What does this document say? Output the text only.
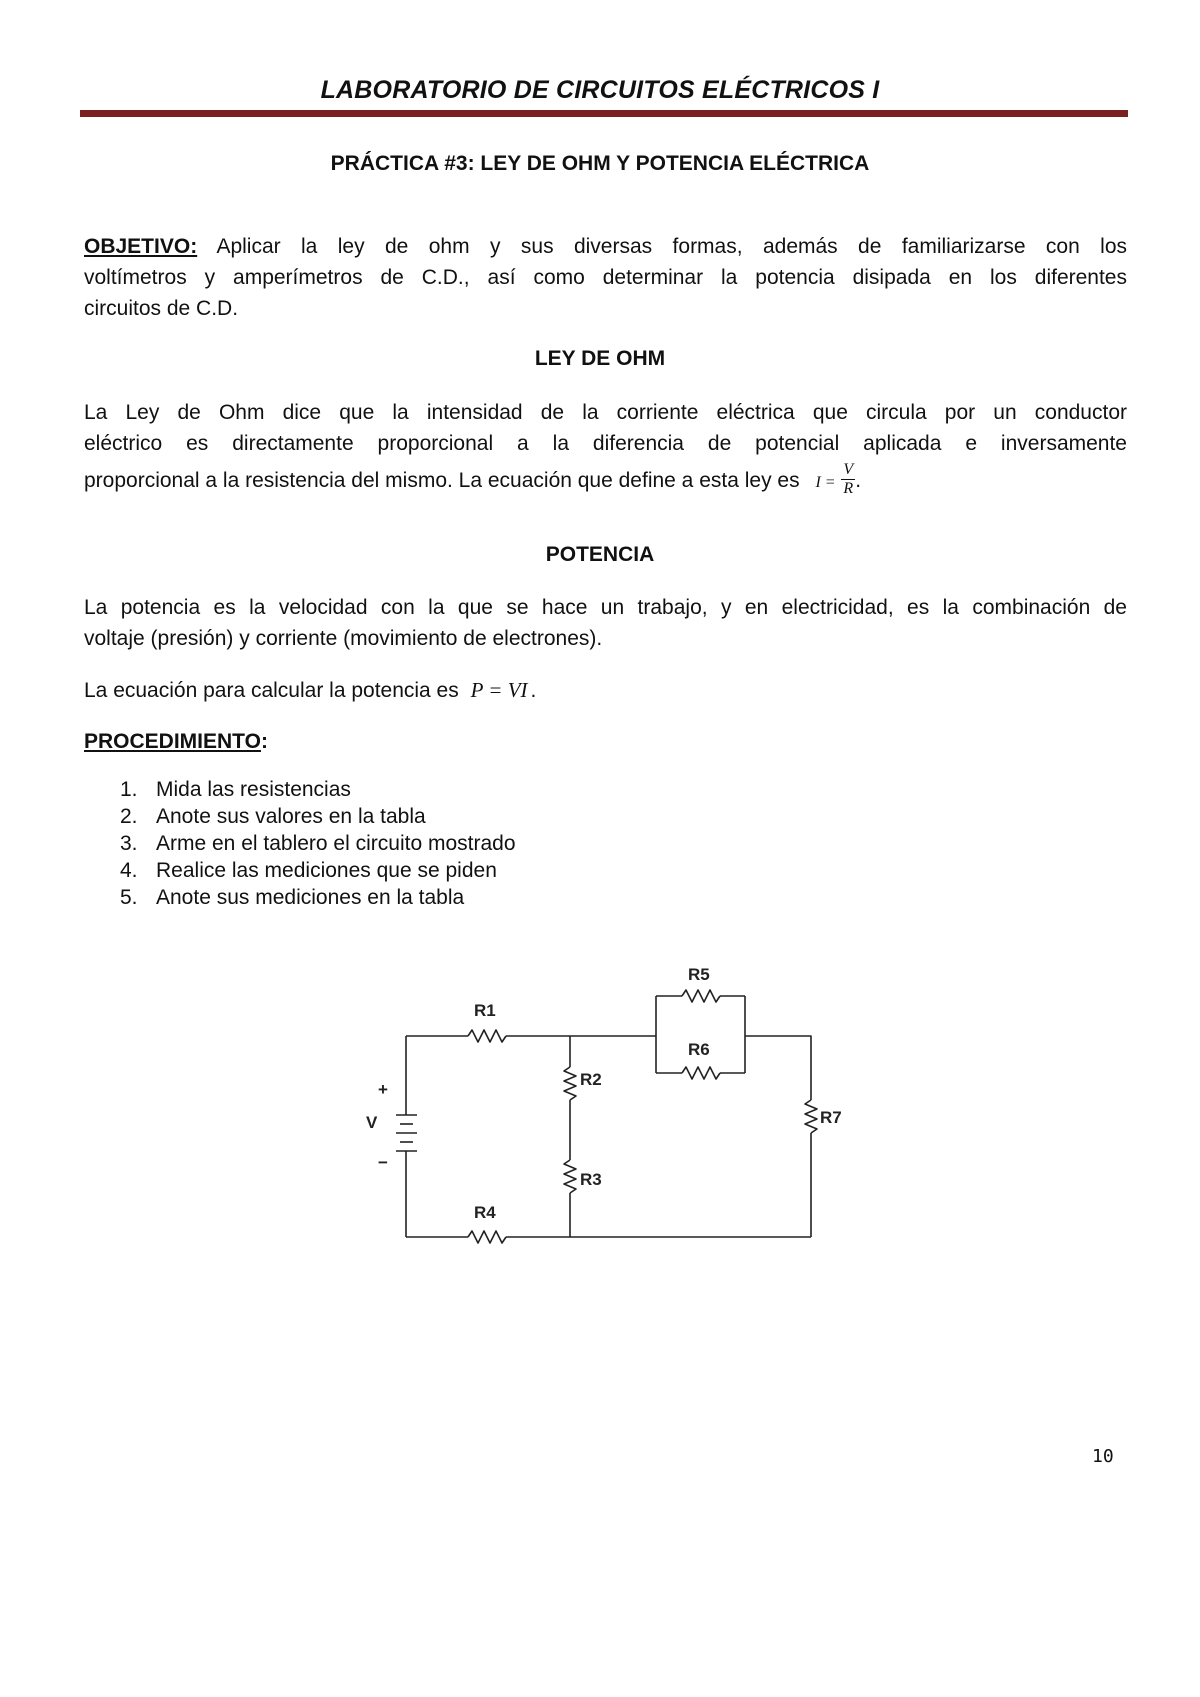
LABORATORIO DE CIRCUITOS ELÉCTRICOS I
PRÁCTICA #3: LEY DE OHM Y POTENCIA ELÉCTRICA
OBJETIVO: Aplicar la ley de ohm y sus diversas formas, además de familiarizarse con los
voltímetros y amperímetros de C.D., así como determinar la potencia disipada en los diferentes
circuitos de C.D.
LEY DE OHM
La Ley de Ohm dice que la intensidad de la corriente eléctrica que circula por un conductor
eléctrico es directamente proporcional a la diferencia de potencial aplicada e inversamente
proporcional a la resistencia del mismo. La ecuación que define a esta ley es $I = \frac{V}{R}$ .
POTENCIA
La potencia es la velocidad con la que se hace un trabajo, y en electricidad, es la combinación de
voltaje (presión) y corriente (movimiento de electrones).
La ecuación para calcular la potencia es P = VI .
PROCEDIMIENTO:
1. Mida las resistencias
2. Anote sus valores en la tabla
3. Arme en el tablero el circuito mostrado
4. Realice las mediciones que se piden
5. Anote sus mediciones en la tabla
+
V
−
R1
R2
R3
R4
R5
R6
R7
10
